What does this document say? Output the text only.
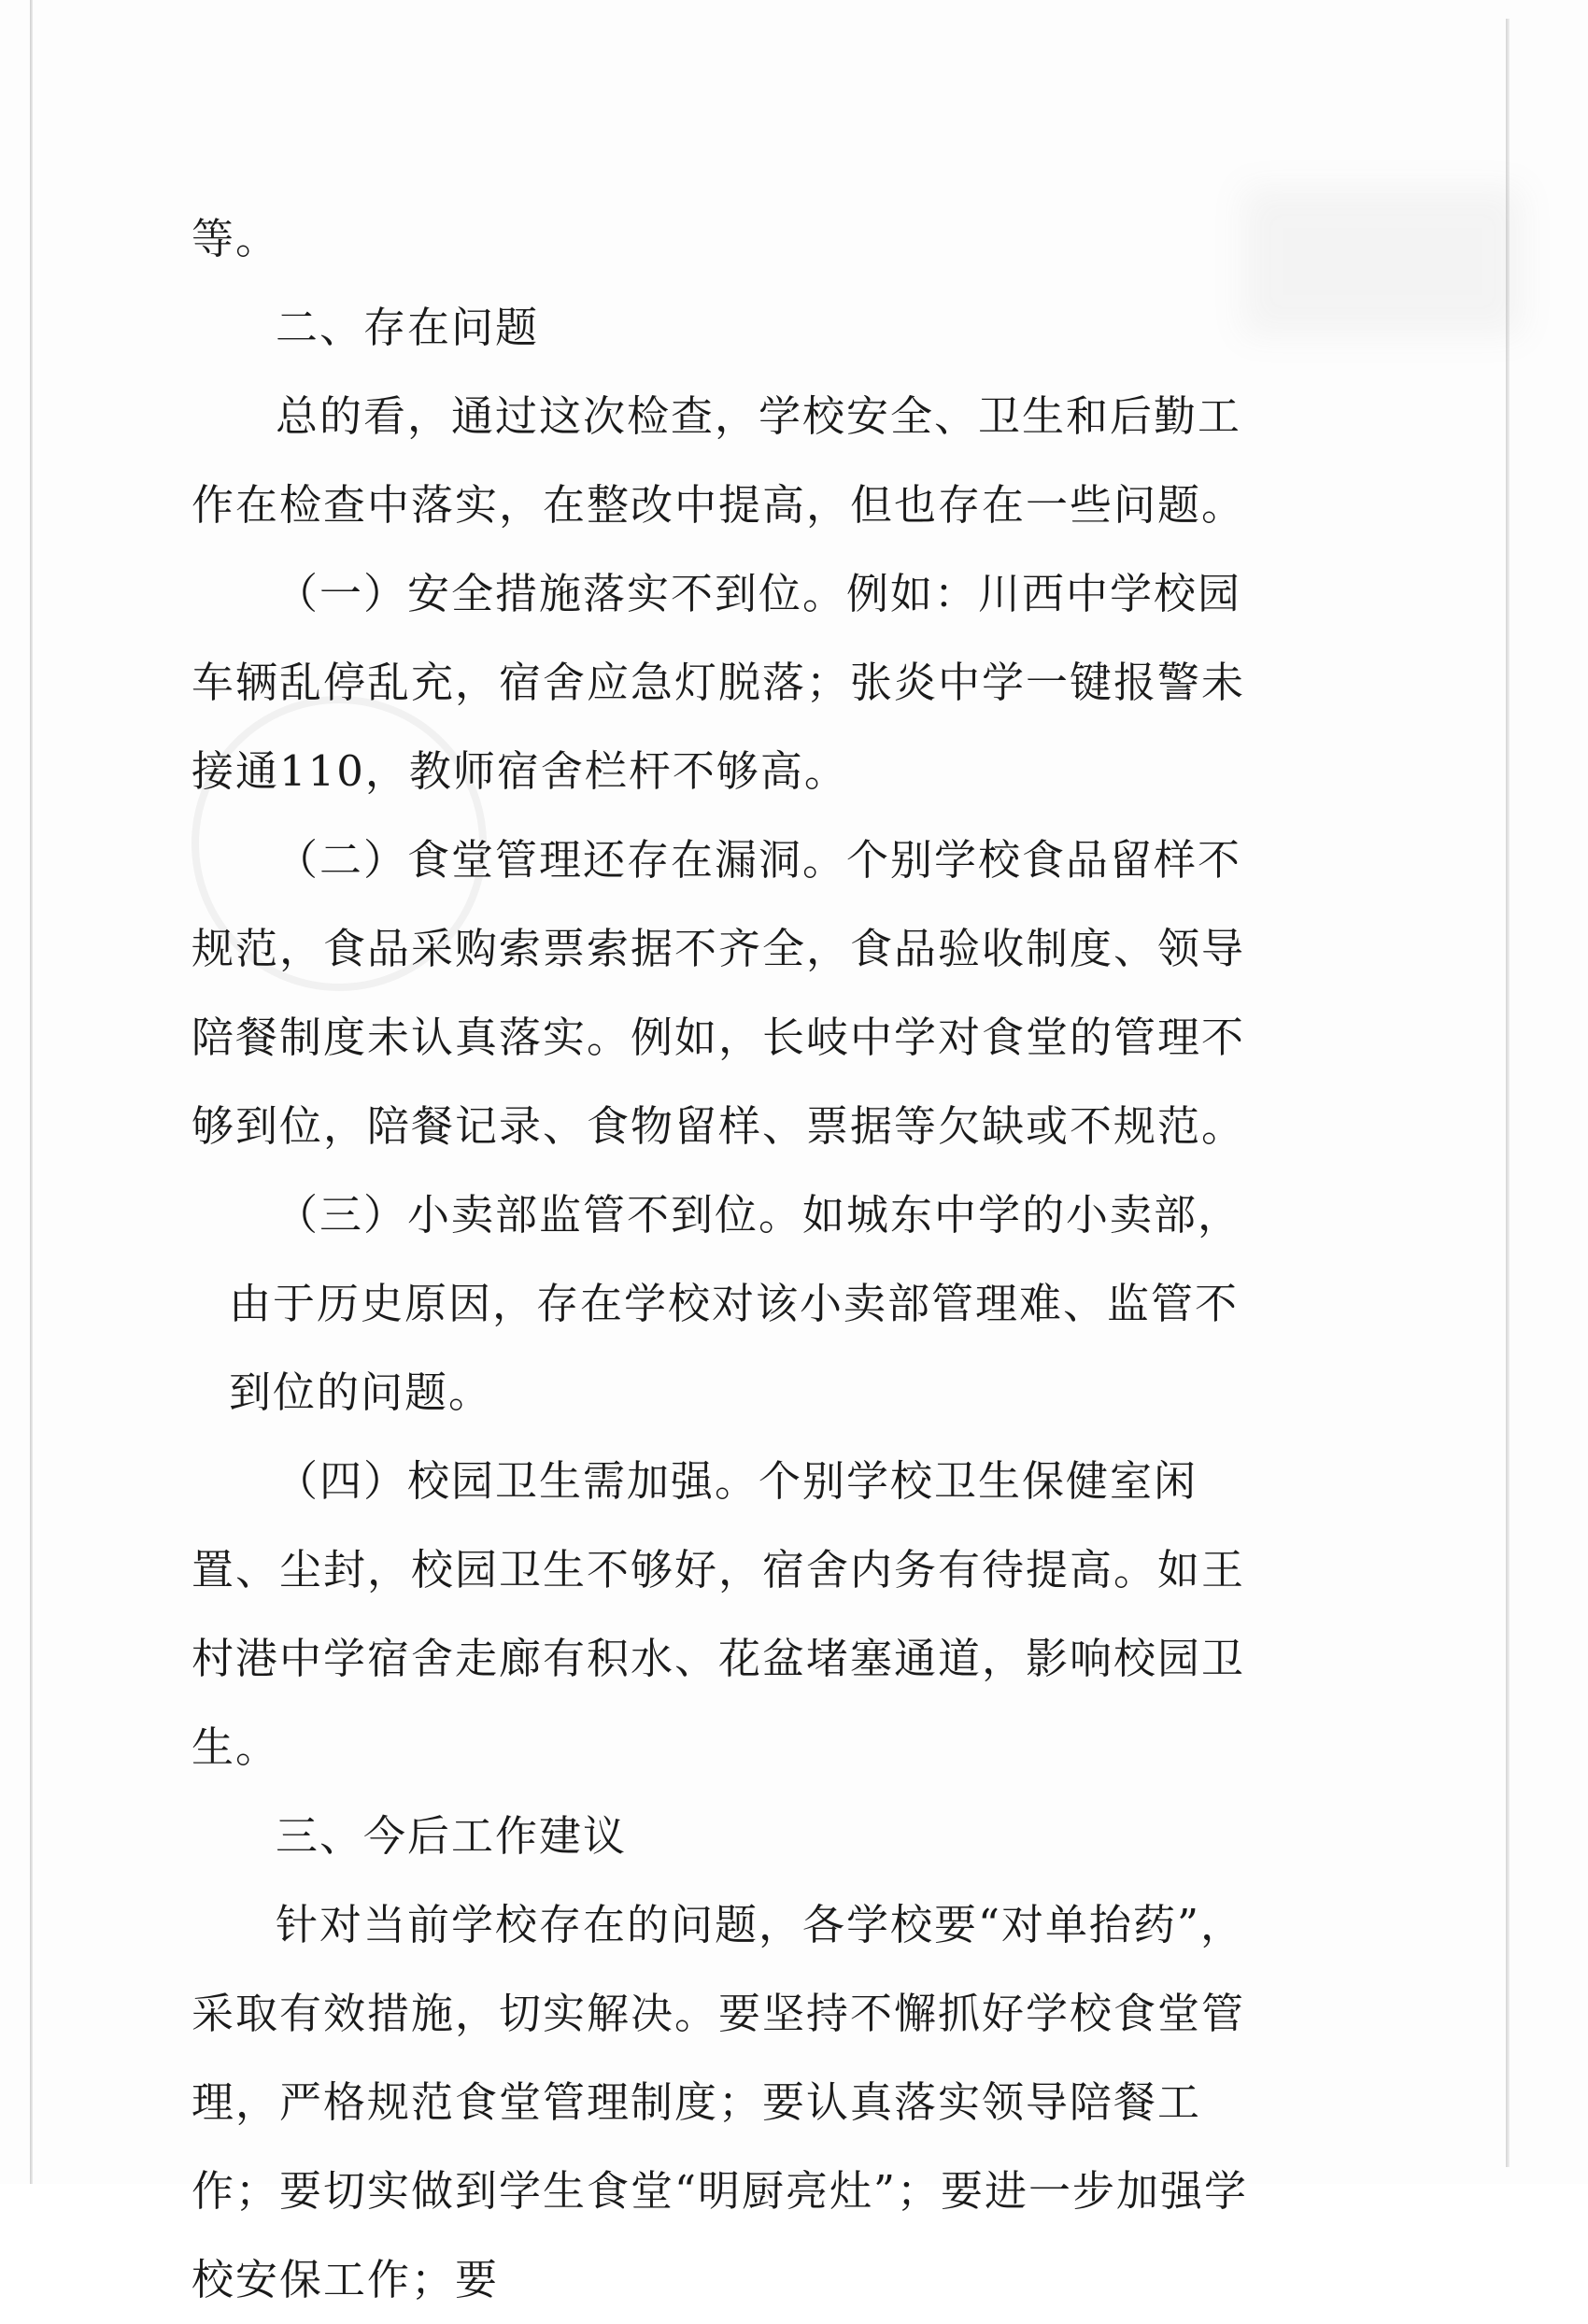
等。

二、存在问题

总的看，通过这次检查，学校安全、卫生和后勤工作在检查中落实，在整改中提高，但也存在一些问题。

（一）安全措施落实不到位。例如：川西中学校园车辆乱停乱充，宿舍应急灯脱落；张炎中学一键报警未接通110，教师宿舍栏杆不够高。

（二）食堂管理还存在漏洞。个别学校食品留样不规范，食品采购索票索据不齐全，食品验收制度、领导陪餐制度未认真落实。例如，长岐中学对食堂的管理不够到位，陪餐记录、食物留样、票据等欠缺或不规范。

（三）小卖部监管不到位。如城东中学的小卖部，由于历史原因，存在学校对该小卖部管理难、监管不到位的问题。

（四）校园卫生需加强。个别学校卫生保健室闲置、尘封，校园卫生不够好，宿舍内务有待提高。如王村港中学宿舍走廊有积水、花盆堵塞通道，影响校园卫生。

三、今后工作建议

针对当前学校存在的问题，各学校要“对单抬药”，采取有效措施，切实解决。要坚持不懈抓好学校食堂管理，严格规范食堂管理制度；要认真落实领导陪餐工作；要切实做到学生食堂“明厨亮灶”；要进一步加强学校安保工作；要
